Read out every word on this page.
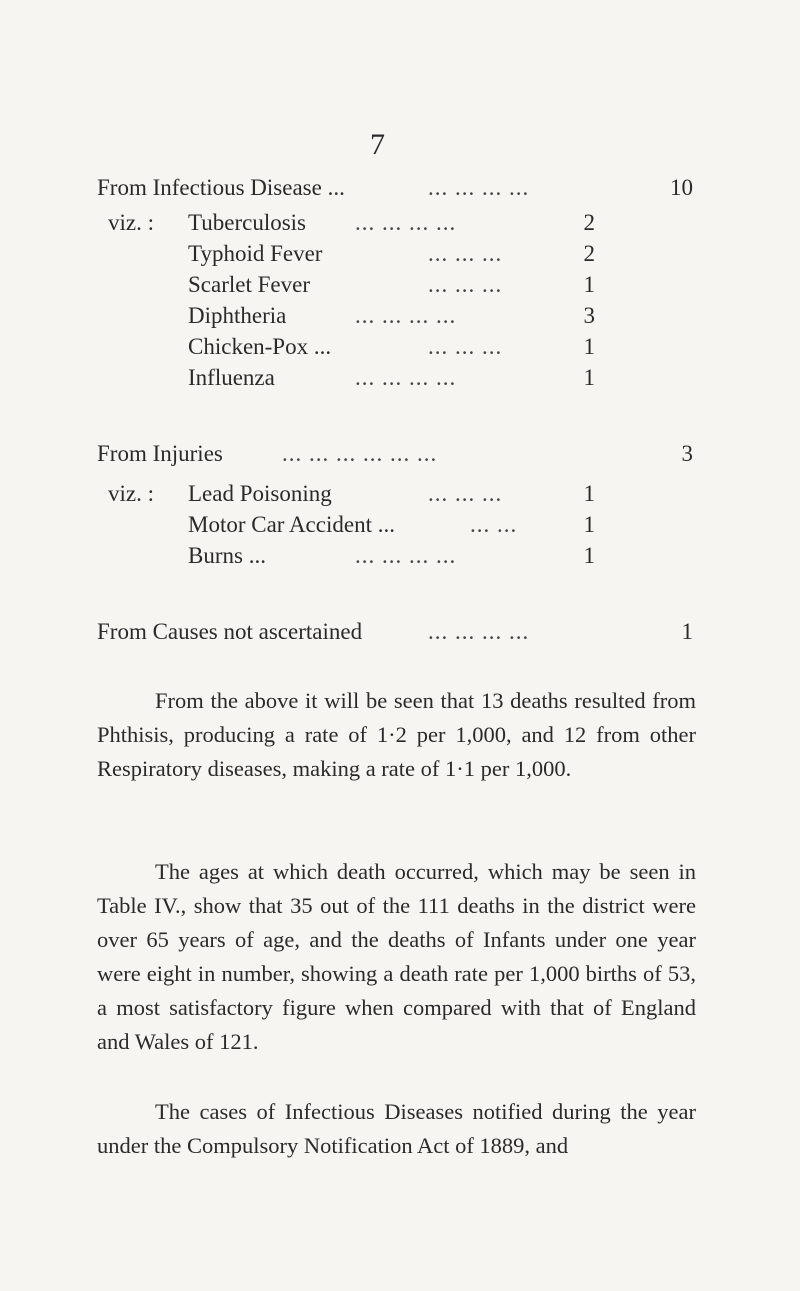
7
From Infectious Disease ...	... ... ... ...	10
viz. : Tuberculosis ... ... ... ...	2
Typhoid Fever	... ... ...	2
Scarlet Fever	... ... ...	1
Diphtheria	... ... ... ...	3
Chicken-Pox ...	... ... ...	1
Influenza	... ... ... ...	1
From Injuries	... ... ... ... ... ...	3
viz. : Lead Poisoning	... ... ...	1
Motor Car Accident ...	... ...	1
Burns ...	... ... ... ...	1
From Causes not ascertained	... ... ... ...	1

From the above it will be seen that 13 deaths resulted from Phthisis, producing a rate of 1·2 per 1,000, and 12 from other Respiratory diseases, making a rate of 1·1 per 1,000.

The ages at which death occurred, which may be seen in Table IV., show that 35 out of the 111 deaths in the district were over 65 years of age, and the deaths of Infants under one year were eight in number, showing a death rate per 1,000 births of 53, a most satisfactory figure when compared with that of England and Wales of 121.

The cases of Infectious Diseases notified during the year under the Compulsory Notification Act of 1889, and
